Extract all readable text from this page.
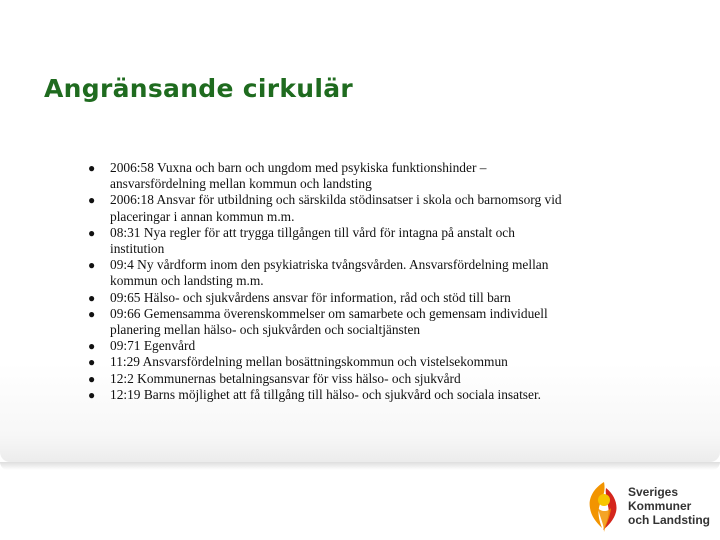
Angränsande cirkulär
● 2006:58 Vuxna och barn och ungdom med psykiska funktionshinder – ansvarsfördelning mellan kommun och landsting
● 2006:18 Ansvar för utbildning och särskilda stödinsatser i skola och barnomsorg vid placeringar i annan kommun m.m.
● 08:31 Nya regler för att trygga tillgången till vård för intagna på anstalt och institution
● 09:4 Ny vårdform inom den psykiatriska tvångsvården. Ansvarsfördelning mellan kommun och landsting m.m.
● 09:65 Hälso- och sjukvårdens ansvar för information, råd och stöd till barn
● 09:66 Gemensamma överenskommelser om samarbete och gemensam individuell planering mellan hälso- och sjukvården och socialtjänsten
● 09:71 Egenvård
● 11:29 Ansvarsfördelning mellan bosättningskommun och vistelsekommun
● 12:2 Kommunernas betalningsansvar för viss hälso- och sjukvård
● 12:19 Barns möjlighet att få tillgång till hälso- och sjukvård och sociala insatser.
Sveriges
Kommuner
och Landsting
